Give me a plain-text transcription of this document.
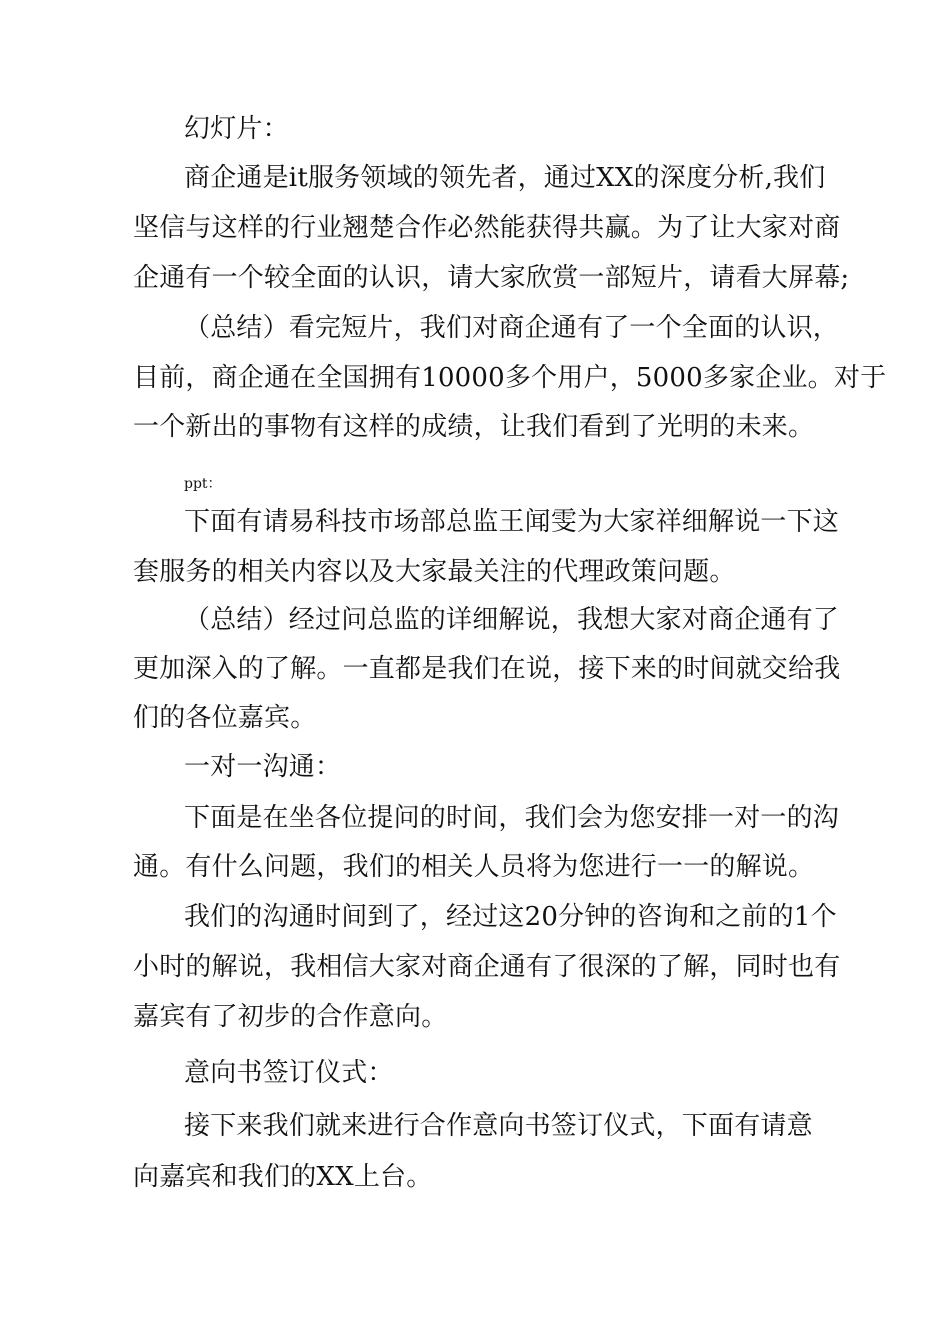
幻灯片：
商企通是it服务领域的领先者，通过XX的深度分析,我们
坚信与这样的行业翘楚合作必然能获得共赢。为了让大家对商
企通有一个较全面的认识，请大家欣赏一部短片，请看大屏幕;
（总结）看完短片，我们对商企通有了一个全面的认识，
目前，商企通在全国拥有10000多个用户，5000多家企业。对于
一个新出的事物有这样的成绩，让我们看到了光明的未来。
ppt：
下面有请易科技市场部总监王闻雯为大家祥细解说一下这
套服务的相关内容以及大家最关注的代理政策问题。
（总结）经过问总监的详细解说，我想大家对商企通有了
更加深入的了解。一直都是我们在说，接下来的时间就交给我
们的各位嘉宾。
一对一沟通：
下面是在坐各位提问的时间，我们会为您安排一对一的沟
通。有什么问题，我们的相关人员将为您进行一一的解说。
我们的沟通时间到了，经过这20分钟的咨询和之前的1个
小时的解说，我相信大家对商企通有了很深的了解，同时也有
嘉宾有了初步的合作意向。
意向书签订仪式：
接下来我们就来进行合作意向书签订仪式，下面有请意
向嘉宾和我们的XX上台。
